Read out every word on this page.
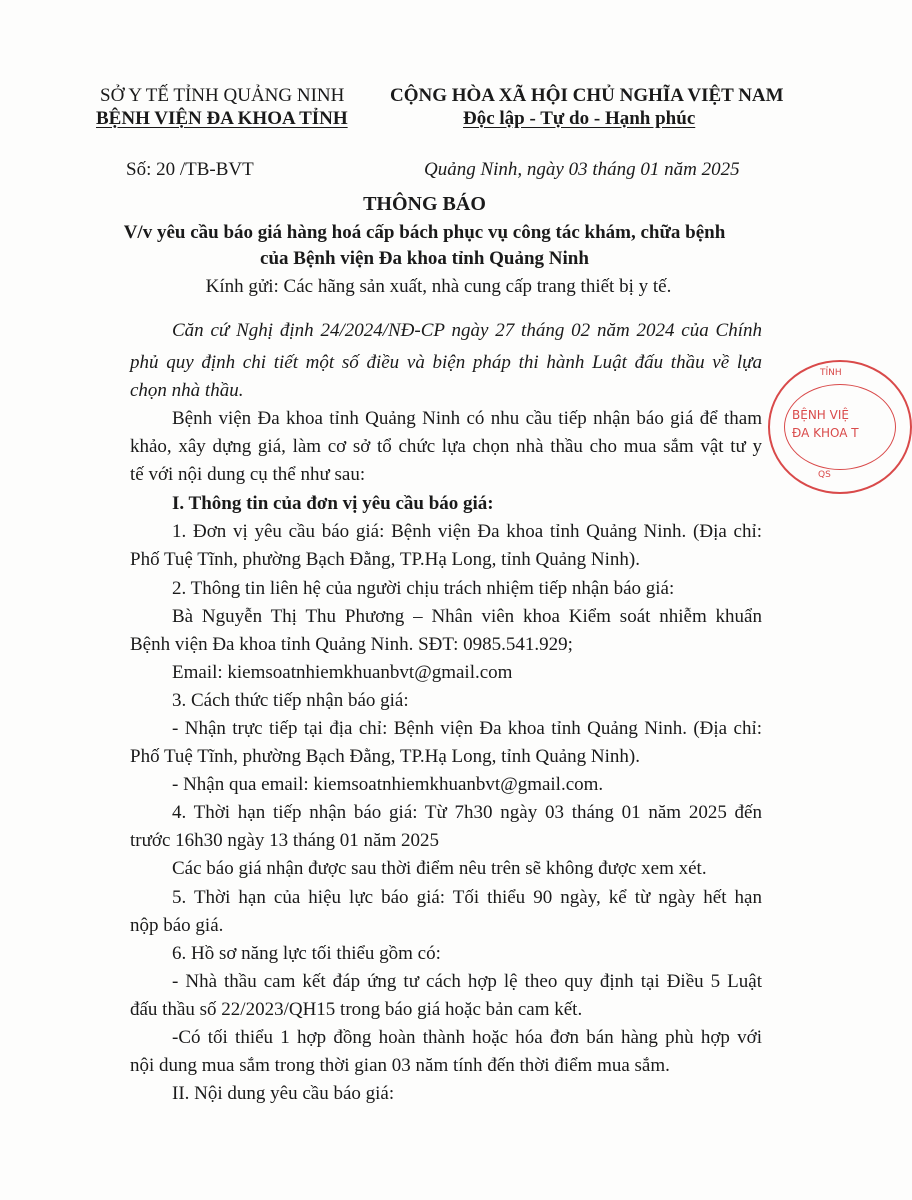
SỞ Y TẾ TỈNH QUẢNG NINH
BỆNH VIỆN ĐA KHOA TỈNH
CỘNG HÒA XÃ HỘI CHỦ NGHĨA VIỆT NAM
Độc lập - Tự do - Hạnh phúc
Số: 20 /TB-BVT	Quảng Ninh, ngày 03 tháng 01 năm 2025
THÔNG BÁO
V/v yêu cầu báo giá hàng hoá cấp bách phục vụ công tác khám, chữa bệnh
của Bệnh viện Đa khoa tỉnh Quảng Ninh
Kính gửi: Các hãng sản xuất, nhà cung cấp trang thiết bị y tế.
Căn cứ Nghị định 24/2024/NĐ-CP ngày 27 tháng 02 năm 2024 của Chính
phủ quy định chi tiết một số điều và biện pháp thi hành Luật đấu thầu về lựa
chọn nhà thầu.
Bệnh viện Đa khoa tỉnh Quảng Ninh có nhu cầu tiếp nhận báo giá để tham
khảo, xây dựng giá, làm cơ sở tổ chức lựa chọn nhà thầu cho mua sắm vật tư y
tế với nội dung cụ thể như sau:
I. Thông tin của đơn vị yêu cầu báo giá:
1. Đơn vị yêu cầu báo giá: Bệnh viện Đa khoa tỉnh Quảng Ninh. (Địa chỉ:
Phố Tuệ Tĩnh, phường Bạch Đằng, TP.Hạ Long, tỉnh Quảng Ninh).
2. Thông tin liên hệ của người chịu trách nhiệm tiếp nhận báo giá:
Bà Nguyễn Thị Thu Phương – Nhân viên khoa Kiểm soát nhiễm khuẩn
Bệnh viện Đa khoa tỉnh Quảng Ninh. SĐT: 0985.541.929;
Email: kiemsoatnhiemkhuanbvt@gmail.com
3. Cách thức tiếp nhận báo giá:
- Nhận trực tiếp tại địa chỉ: Bệnh viện Đa khoa tỉnh Quảng Ninh. (Địa chỉ:
Phố Tuệ Tĩnh, phường Bạch Đằng, TP.Hạ Long, tỉnh Quảng Ninh).
- Nhận qua email: kiemsoatnhiemkhuanbvt@gmail.com.
4. Thời hạn tiếp nhận báo giá: Từ 7h30 ngày 03 tháng 01 năm 2025 đến
trước 16h30 ngày 13 tháng 01 năm 2025
Các báo giá nhận được sau thời điểm nêu trên sẽ không được xem xét.
5. Thời hạn của hiệu lực báo giá: Tối thiểu 90 ngày, kể từ ngày hết hạn
nộp báo giá.
6. Hồ sơ năng lực tối thiểu gồm có:
- Nhà thầu cam kết đáp ứng tư cách hợp lệ theo quy định tại Điều 5 Luật
đấu thầu số 22/2023/QH15 trong báo giá hoặc bản cam kết.
-Có tối thiểu 1 hợp đồng hoàn thành hoặc hóa đơn bán hàng phù hợp với
nội dung mua sắm trong thời gian 03 năm tính đến thời điểm mua sắm.
II. Nội dung yêu cầu báo giá:
TỈNH
BỆNH VIỆ
ĐA KHOA T
QS
